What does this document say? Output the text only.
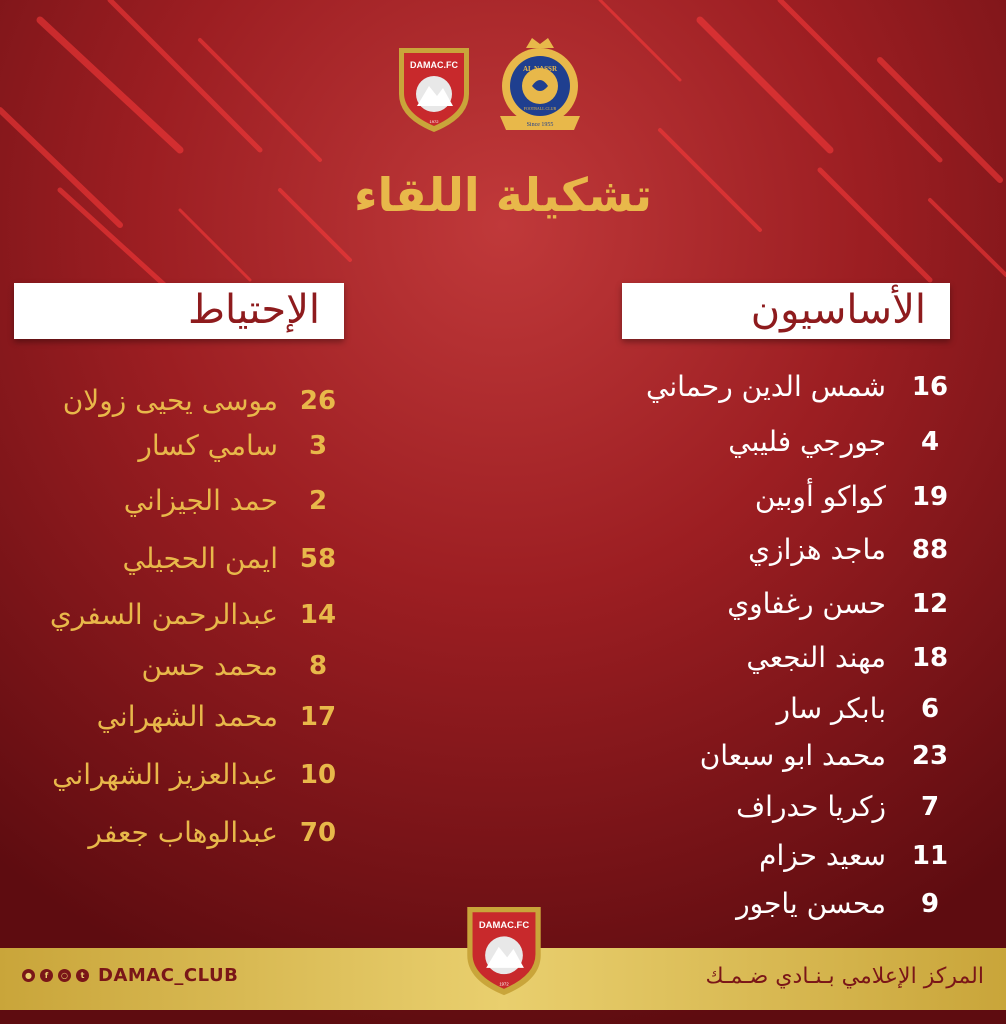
DAMAC.FC
1972
AL NASSR
FOOTBALL CLUB
Since 1955
تشكيلة اللقاء
الأساسيون
الإحتياط
16
شمس الدين رحماني
4
جورجي فليبي
19
كواكو أوبين
88
ماجد هزازي
12
حسن رغفاوي
18
مهند النجعي
6
بابكر سار
23
محمد ابو سبعان
7
زكريا حدراف
11
سعيد حزام
9
محسن ياجور
26
موسى يحيى زولان
3
سامي كسار
2
حمد الجيزاني
58
ايمن الحجيلي
14
عبدالرحمن السفري
8
محمد حسن
17
محمد الشهراني
10
عبدالعزيز الشهراني
70
عبدالوهاب جعفر
المركز الإعلامي بـنـادي ضـمـك
●	f	○	t DAMAC_CLUB
DAMAC.FC
1972
